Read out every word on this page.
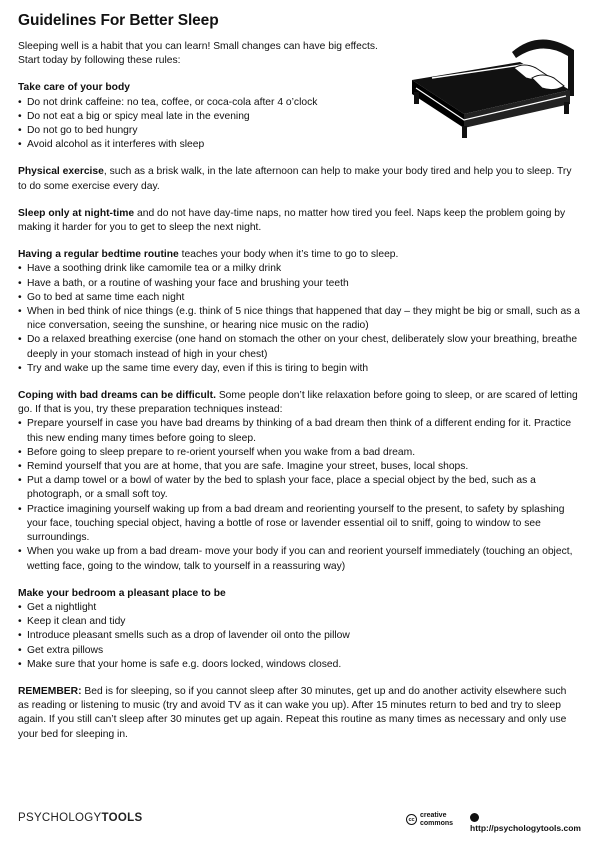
Guidelines For Better Sleep

Sleeping well is a habit that you can learn! Small changes can have big effects.

Start today by following these rules:

Take care of your body
• Do not drink caffeine: no tea, coffee, or coca-cola after 4 o’clock
• Do not eat a big or spicy meal late in the evening
• Do not go to bed hungry
• Avoid alcohol as it interferes with sleep

Physical exercise, such as a brisk walk, in the late afternoon can help to make your body tired and help you to sleep. Try to do some exercise every day.

Sleep only at night-time and do not have day-time naps, no matter how tired you feel. Naps keep the problem going by making it harder for you to get to sleep the next night.

Having a regular bedtime routine teaches your body when it’s time to go to sleep.

• Have a soothing drink like camomile tea or a milky drink
• Have a bath, or a routine of washing your face and brushing your teeth
• Go to bed at same time each night
• When in bed think of nice things (e.g. think of 5 nice things that happened that day – they might be big or small, such as a nice conversation, seeing the sunshine, or hearing nice music on the radio)
• Do a relaxed breathing exercise (one hand on stomach the other on your chest, deliberately slow your breathing, breathe deeply in your stomach instead of high in your chest)
• Try and wake up the same time every day, even if this is tiring to begin with

Coping with bad dreams can be difficult. Some people don’t like relaxation before going to sleep, or are scared of letting go. If that is you, try these preparation techniques instead:

• Prepare yourself in case you have bad dreams by thinking of a bad dream then think of a different ending for it. Practice this new ending many times before going to sleep.
• Before going to sleep prepare to re-orient yourself when you wake from a bad dream.
• Remind yourself that you are at home, that you are safe. Imagine your street, buses, local shops.
• Put a damp towel or a bowl of water by the bed to splash your face, place a special object by the bed, such as a photograph, or a small soft toy.
• Practice imagining yourself waking up from a bad dream and reorienting yourself to the present, to safety by splashing your face, touching special object, having a bottle of rose or lavender essential oil to sniff, going to window to see surroundings.
• When you wake up from a bad dream- move your body if you can and reorient yourself immediately (touching an object, wetting face, going to the window, talk to yourself in a reassuring way)
Make your bedroom a pleasant place to be
• Get a nightlight
• Keep it clean and tidy
• Introduce pleasant smells such as a drop of lavender oil onto the pillow
• Get extra pillows
• Make sure that your home is safe e.g. doors locked, windows closed.

REMEMBER: Bed is for sleeping, so if you cannot sleep after 30 minutes, get up and do another activity elsewhere such as reading or listening to music (try and avoid TV as it can wake you up). After 15 minutes return to bed and try to sleep again. If you still can’t sleep after 30 minutes get up again. Repeat this routine as many times as necessary and only use your bed for sleeping in.

PSYCHOLOGYTOOLS	cc
creative
commons http://psychologytools.com
